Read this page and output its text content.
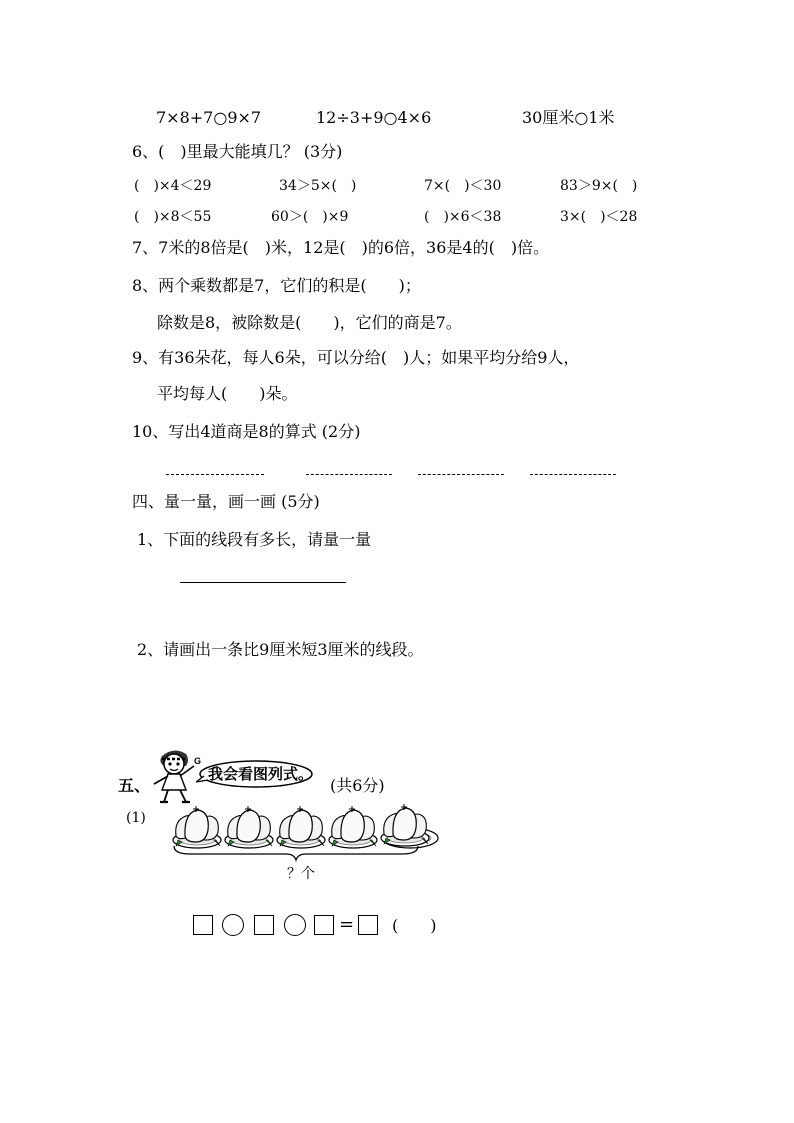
7×8+7○9×7	12÷3+9○4×6	30厘米○1米
6、(　)里最大能填几？ (3分)
(　)×4＜29	34＞5×(　)	7×(　)＜30	83＞9×(　)
(　)×8＜55	60＞(　)×9	(　)×6＜38	3×(　)＜28
7、7米的8倍是(　)米，12是(　)的6倍，36是4的(　)倍。
8、两个乘数都是7，它们的积是(　　)；
除数是8，被除数是(　　)，它们的商是7。
9、有36朵花，每人6朵，可以分给(　)人；如果平均分给9人，
平均每人(　　)朵。
10、写出4道商是8的算式 (2分)
四、量一量，画一画 (5分)
1、下面的线段有多长，请量一量
2、请画出一条比9厘米短3厘米的线段。
五、
G
我会看图列式。
(共6分)
(1)
？个
= (　　)
